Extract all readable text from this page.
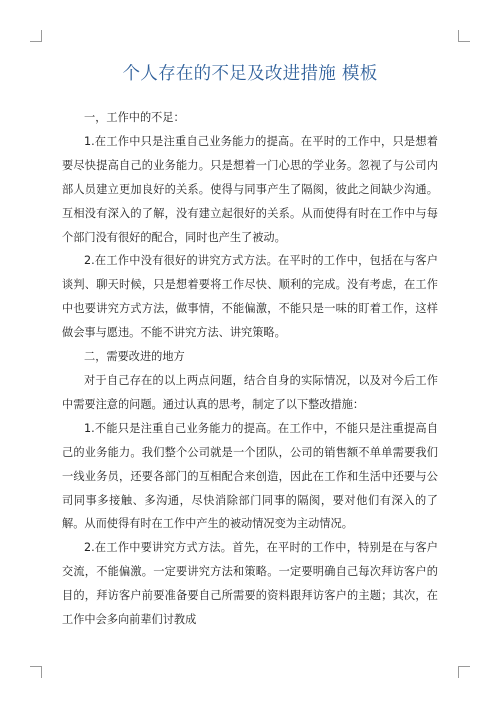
个人存在的不足及改进措施 模板

一，工作中的不足：

1.在工作中只是注重自己业务能力的提高。在平时的工作中，只是想着要尽快提高自己的业务能力。只是想着一门心思的学业务。忽视了与公司内部人员建立更加良好的关系。使得与同事产生了隔阂，彼此之间缺少沟通。互相没有深入的了解，没有建立起很好的关系。从而使得有时在工作中与每个部门没有很好的配合，同时也产生了被动。

2.在工作中没有很好的讲究方式方法。在平时的工作中，包括在与客户谈判、聊天时候，只是想着要将工作尽快、顺利的完成。没有考虑，在工作中也要讲究方式方法，做事情，不能偏激，不能只是一味的盯着工作，这样做会事与愿违。不能不讲究方法、讲究策略。

二，需要改进的地方

对于自己存在的以上两点问题，结合自身的实际情况，以及对今后工作中需要注意的问题。通过认真的思考，制定了以下整改措施：

1.不能只是注重自己业务能力的提高。在工作中，不能只是注重提高自己的业务能力。我们整个公司就是一个团队，公司的销售额不单单需要我们一线业务员，还要各部门的互相配合来创造，因此在工作和生活中还要与公司同事多接触、多沟通，尽快消除部门同事的隔阂，要对他们有深入的了解。从而使得有时在工作中产生的被动情况变为主动情况。

2.在工作中要讲究方式方法。首先，在平时的工作中，特别是在与客户交流，不能偏激。一定要讲究方法和策略。一定要明确自己每次拜访客户的目的，拜访客户前要准备要自己所需要的资料跟拜访客户的主题；其次，在工作中会多向前辈们讨教成
